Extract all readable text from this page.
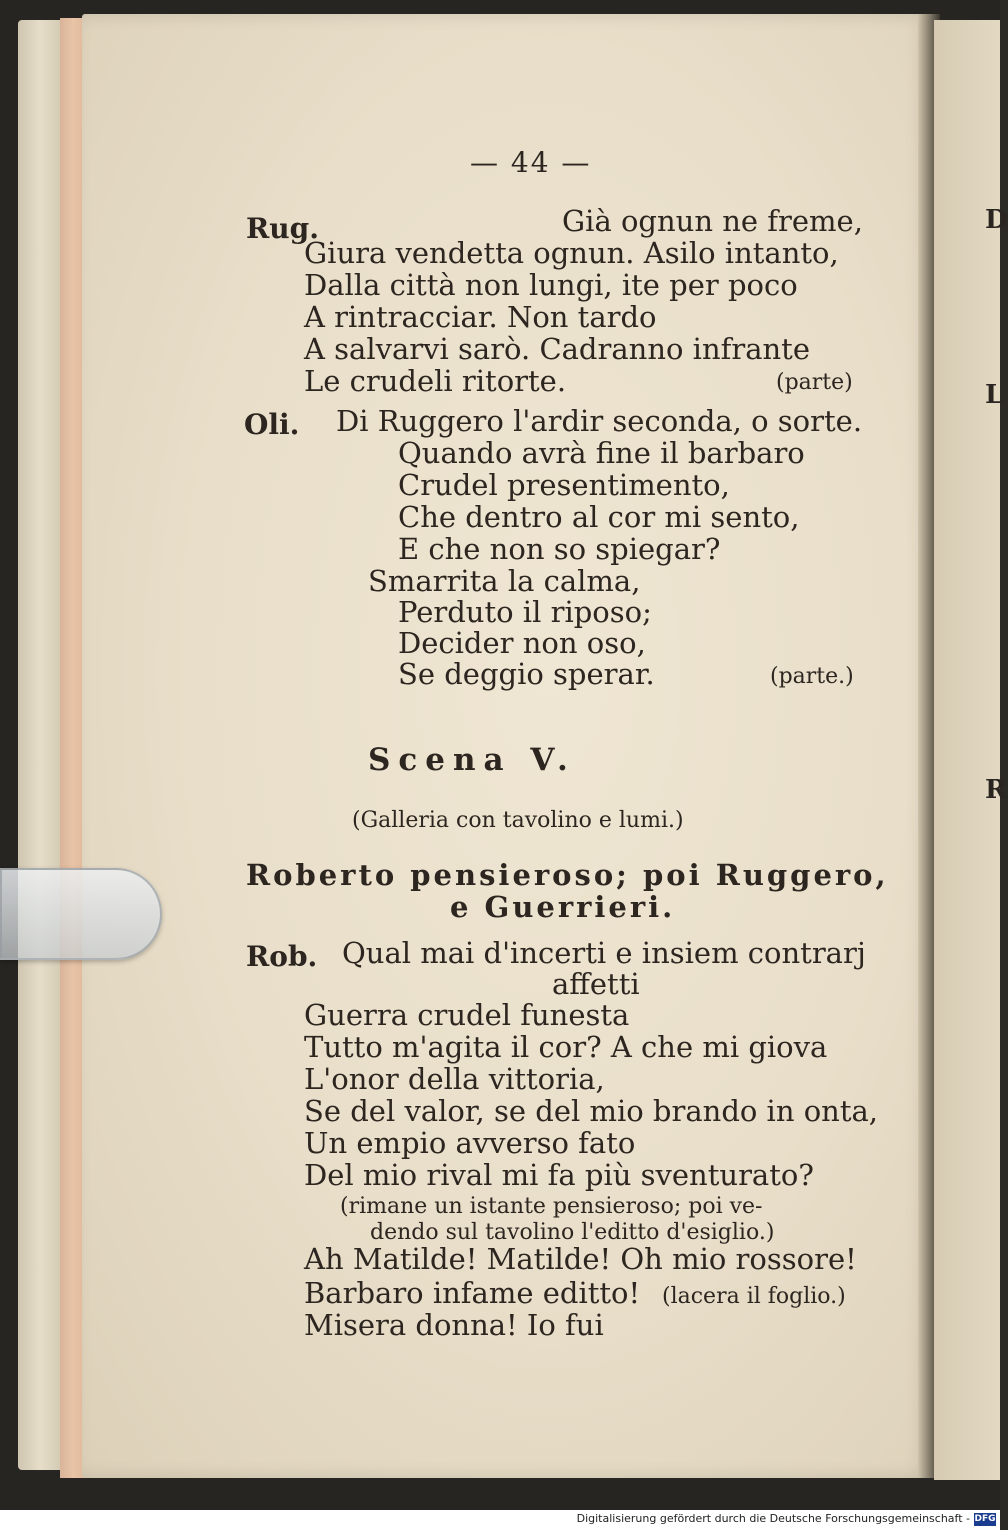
D
L
R
— 44 —
Rug.	Già ognun ne freme,
Giura vendetta ognun. Asilo intanto,
Dalla città non lungi, ite per poco
A rintracciar. Non tardo
A salvarvi sarò. Cadranno infrante
Le crudeli ritorte.	(parte)
Oli. Di Ruggero l'ardir seconda, o sorte.
Quando avrà fine il barbaro
Crudel presentimento,
Che dentro al cor mi sento,
E che non so spiegar?
Smarrita la calma,
Perduto il riposo;
Decider non oso,
Se deggio sperar.	(parte.)
Scena V.
(Galleria con tavolino e lumi.)
Roberto pensieroso; poi Ruggero,
e Guerrieri.
Rob. Qual mai d'incerti e insiem contrarj
affetti
Guerra crudel funesta
Tutto m'agita il cor? A che mi giova
L'onor della vittoria,
Se del valor, se del mio brando in onta,
Un empio avverso fato
Del mio rival mi fa più sventurato?
(rimane un istante pensieroso; poi ve-
dendo sul tavolino l'editto d'esiglio.)
Ah Matilde! Matilde! Oh mio rossore!
Barbaro infame editto! (lacera il foglio.)
Misera donna! Io fui
Digitalisierung gefördert durch die Deutsche Forschungsgemeinschaft - DFG
